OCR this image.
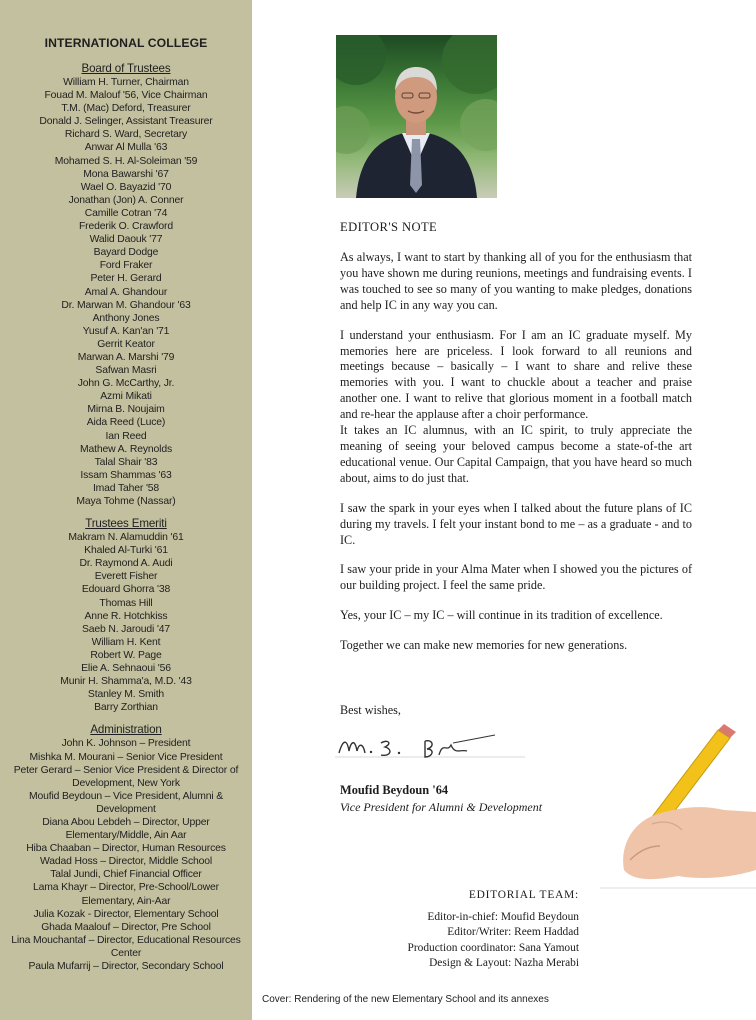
INTERNATIONAL COLLEGE
Board of Trustees
William H. Turner, Chairman
Fouad M. Malouf '56, Vice Chairman
T.M. (Mac) Deford, Treasurer
Donald J. Selinger, Assistant Treasurer
Richard S. Ward, Secretary
Anwar Al Mulla '63
Mohamed S. H. Al-Soleiman '59
Mona Bawarshi '67
Wael O. Bayazid '70
Jonathan (Jon) A. Conner
Camille Cotran '74
Frederik O. Crawford
Walid Daouk '77
Bayard Dodge
Ford Fraker
Peter H. Gerard
Amal A. Ghandour
Dr. Marwan M. Ghandour '63
Anthony Jones
Yusuf A. Kan'an '71
Gerrit Keator
Marwan A. Marshi '79
Safwan Masri
John G. McCarthy, Jr.
Azmi Mikati
Mirna B. Noujaim
Aida Reed (Luce)
Ian Reed
Mathew A. Reynolds
Talal Shair '83
Issam Shammas '63
Imad Taher '58
Maya Tohme (Nassar)
Trustees Emeriti
Makram N. Alamuddin '61
Khaled Al-Turki '61
Dr. Raymond A. Audi
Everett Fisher
Edouard Ghorra '38
Thomas Hill
Anne R. Hotchkiss
Saeb N. Jaroudi '47
William H. Kent
Robert W. Page
Elie A. Sehnaoui '56
Munir H. Shamma'a, M.D. '43
Stanley M. Smith
Barry Zorthian
Administration
John K. Johnson – President
Mishka M. Mourani – Senior Vice President
Peter Gerard – Senior Vice President & Director of Development, New York
Moufid Beydoun – Vice President, Alumni & Development
Diana Abou Lebdeh – Director, Upper Elementary/Middle, Ain Aar
Hiba Chaaban – Director, Human Resources
Wadad Hoss – Director, Middle School
Talal Jundi, Chief Financial Officer
Lama Khayr – Director, Pre-School/Lower Elementary, Ain-Aar
Julia Kozak - Director, Elementary School
Ghada Maalouf – Director, Pre School
Lina Mouchantaf – Director, Educational Resources Center
Paula Mufarrij – Director, Secondary School
EDITOR'S NOTE

As always, I want to start by thanking all of you for the enthusiasm that you have shown me during reunions, meetings and fundraising events. I was touched to see so many of you wanting to make pledges, donations and help IC in any way you can.

I understand your enthusiasm. For I am an IC graduate myself. My memories here are priceless. I look forward to all reunions and meetings because – basically – I want to share and relive these memories with you. I want to chuckle about a teacher and praise another one. I want to relive that glorious moment in a football match and re-hear the applause after a choir performance.

It takes an IC alumnus, with an IC spirit, to truly appreciate the meaning of seeing your beloved campus become a state-of-the art educational venue. Our Capital Campaign, that you have heard so much about, aims to do just that.

I saw the spark in your eyes when I talked about the future plans of IC during my travels. I felt your instant bond to me – as a graduate - and to IC.

I saw your pride in your Alma Mater when I showed you the pictures of our building project. I feel the same pride.

Yes, your IC – my IC – will continue in its tradition of excellence.

Together we can make new memories for new generations.

Best wishes,
Moufid Beydoun '64
Vice President for Alumni & Development
EDITORIAL TEAM:
Editor-in-chief: Moufid Beydoun
Editor/Writer: Reem Haddad
Production coordinator: Sana Yamout
Design & Layout: Nazha Merabi
Cover: Rendering of the new Elementary School and its annexes
